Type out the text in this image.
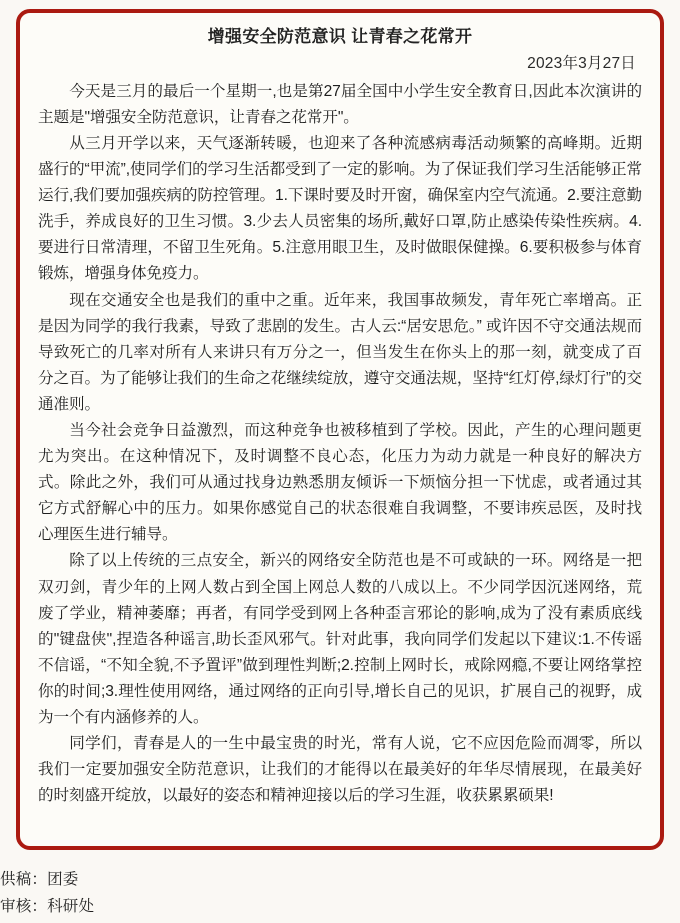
增强安全防范意识 让青春之花常开
2023年3月27日

今天是三月的最后一个星期一,也是第27届全国中小学生安全教育日,因此本次演讲的主题是"增强安全防范意识，让青春之花常开"。

从三月开学以来，天气逐渐转暖，也迎来了各种流感病毒活动频繁的高峰期。近期盛行的“甲流”,使同学们的学习生活都受到了一定的影响。为了保证我们学习生活能够正常运行,我们要加强疾病的防控管理。1.下课时要及时开窗，确保室内空气流通。2.要注意勤洗手，养成良好的卫生习惯。3.少去人员密集的场所,戴好口罩,防止感染传染性疾病。4.要进行日常清理，不留卫生死角。5.注意用眼卫生，及时做眼保健操。6.要积极参与体育锻炼，增强身体免疫力。

现在交通安全也是我们的重中之重。近年来，我国事故频发，青年死亡率增高。正是因为同学的我行我素，导致了悲剧的发生。古人云:“居安思危。” 或许因不守交通法规而导致死亡的几率对所有人来讲只有万分之一，但当发生在你头上的那一刻，就变成了百分之百。为了能够让我们的生命之花继续绽放，遵守交通法规，坚持“红灯停,绿灯行”的交通准则。

当今社会竞争日益激烈，而这种竞争也被移植到了学校。因此，产生的心理问题更尤为突出。在这种情况下，及时调整不良心态，化压力为动力就是一种良好的解决方式。除此之外，我们可从通过找身边熟悉朋友倾诉一下烦恼分担一下忧虑，或者通过其它方式舒解心中的压力。如果你感觉自己的状态很难自我调整，不要讳疾忌医，及时找心理医生进行辅导。

除了以上传统的三点安全，新兴的网络安全防范也是不可或缺的一环。网络是一把双刃剑，青少年的上网人数占到全国上网总人数的八成以上。不少同学因沉迷网络，荒废了学业，精神萎靡；再者，有同学受到网上各种歪言邪论的影响,成为了没有素质底线的"键盘侠",捏造各种谣言,助长歪风邪气。针对此事，我向同学们发起以下建议:1.不传谣不信谣，“不知全貌,不予置评”做到理性判断;2.控制上网时长，戒除网瘾,不要让网络掌控你的时间;3.理性使用网络，通过网络的正向引导,增长自己的见识，扩展自己的视野，成为一个有内涵修养的人。

同学们，青春是人的一生中最宝贵的时光，常有人说，它不应因危险而凋零，所以我们一定要加强安全防范意识，让我们的才能得以在最美好的年华尽情展现，在最美好的时刻盛开绽放，以最好的姿态和精神迎接以后的学习生涯，收获累累硕果!

供稿：团委
审核：科研处
